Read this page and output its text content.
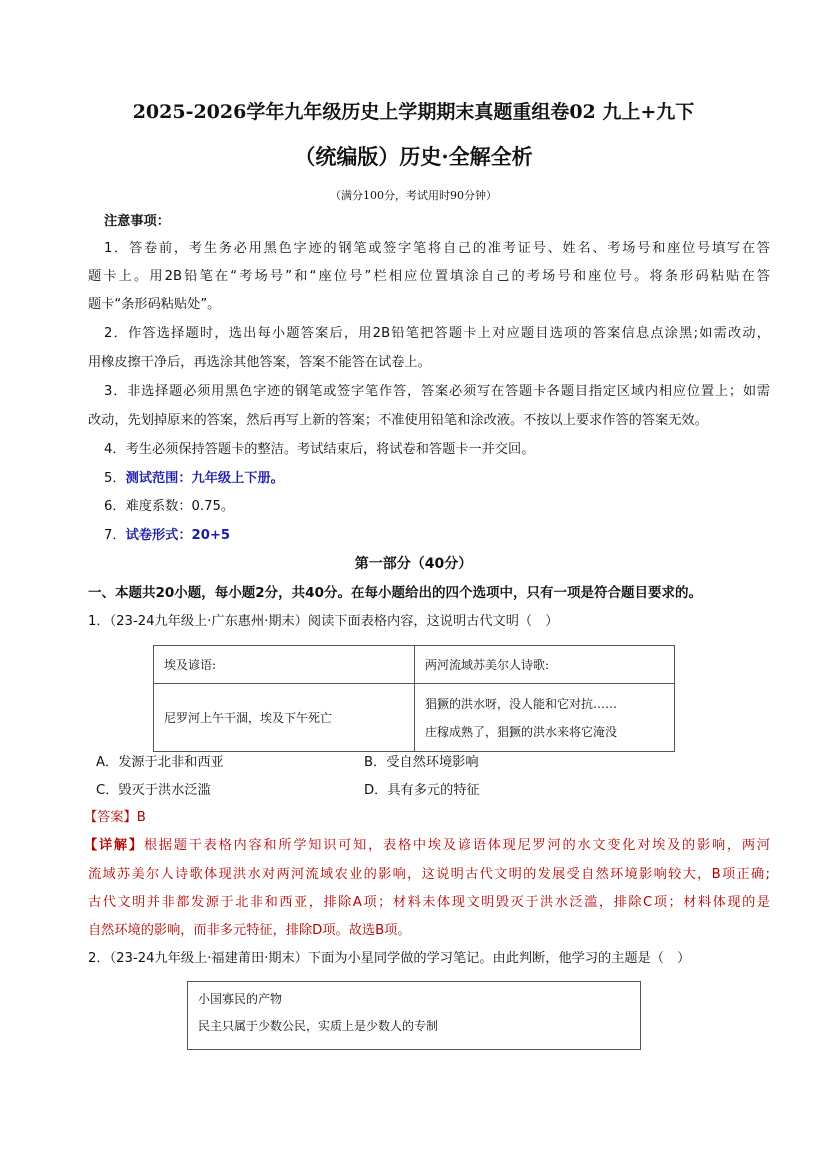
2025-2026学年九年级历史上学期期末真题重组卷02 九上+九下
（统编版）历史·全解全析
（满分100分，考试用时90分钟）
注意事项：
1．答卷前，考生务必用黑色字迹的钢笔或签字笔将自己的准考证号、姓名、考场号和座位号填写在答
题卡上。用2B铅笔在“考场号”和“座位号”栏相应位置填涂自己的考场号和座位号。将条形码粘贴在答
题卡“条形码粘贴处”。
2．作答选择题时，选出每小题答案后，用2B铅笔把答题卡上对应题目选项的答案信息点涂黑;如需改动，
用橡皮擦干净后，再选涂其他答案，答案不能答在试卷上。
3．非选择题必须用黑色字迹的钢笔或签字笔作答，答案必须写在答题卡各题目指定区域内相应位置上；如需
改动，先划掉原来的答案，然后再写上新的答案；不准使用铅笔和涂改液。不按以上要求作答的答案无效。
4．考生必须保持答题卡的整洁。考试结束后，将试卷和答题卡一并交回。
5．测试范围：九年级上下册。
6．难度系数：0.75。
7．试卷形式：20+5
第一部分（40分）
一、本题共20小题，每小题2分，共40分。在每小题给出的四个选项中，只有一项是符合题目要求的。
1．（23-24九年级上·广东惠州·期末）阅读下面表格内容，这说明古代文明（　）
埃及谚语:	两河流域苏美尔人诗歌:
尼罗河上午干涸，埃及下午死亡	猖獗的洪水呀，没人能和它对抗……
庄稼成熟了，猖獗的洪水来将它淹没
A．发源于北非和西亚	B．受自然环境影响
C．毁灭于洪水泛滥	D．具有多元的特征
【答案】B
【详解】根据题干表格内容和所学知识可知，表格中埃及谚语体现尼罗河的水文变化对埃及的影响，两河
流域苏美尔人诗歌体现洪水对两河流域农业的影响，这说明古代文明的发展受自然环境影响较大，B项正确;
古代文明并非都发源于北非和西亚，排除A项；材料未体现文明毁灭于洪水泛滥，排除C项；材料体现的是
自然环境的影响，而非多元特征，排除D项。故选B项。
2．（23-24九年级上·福建莆田·期末）下面为小星同学做的学习笔记。由此判断，他学习的主题是（　）
小国寡民的产物
民主只属于少数公民，实质上是少数人的专制
